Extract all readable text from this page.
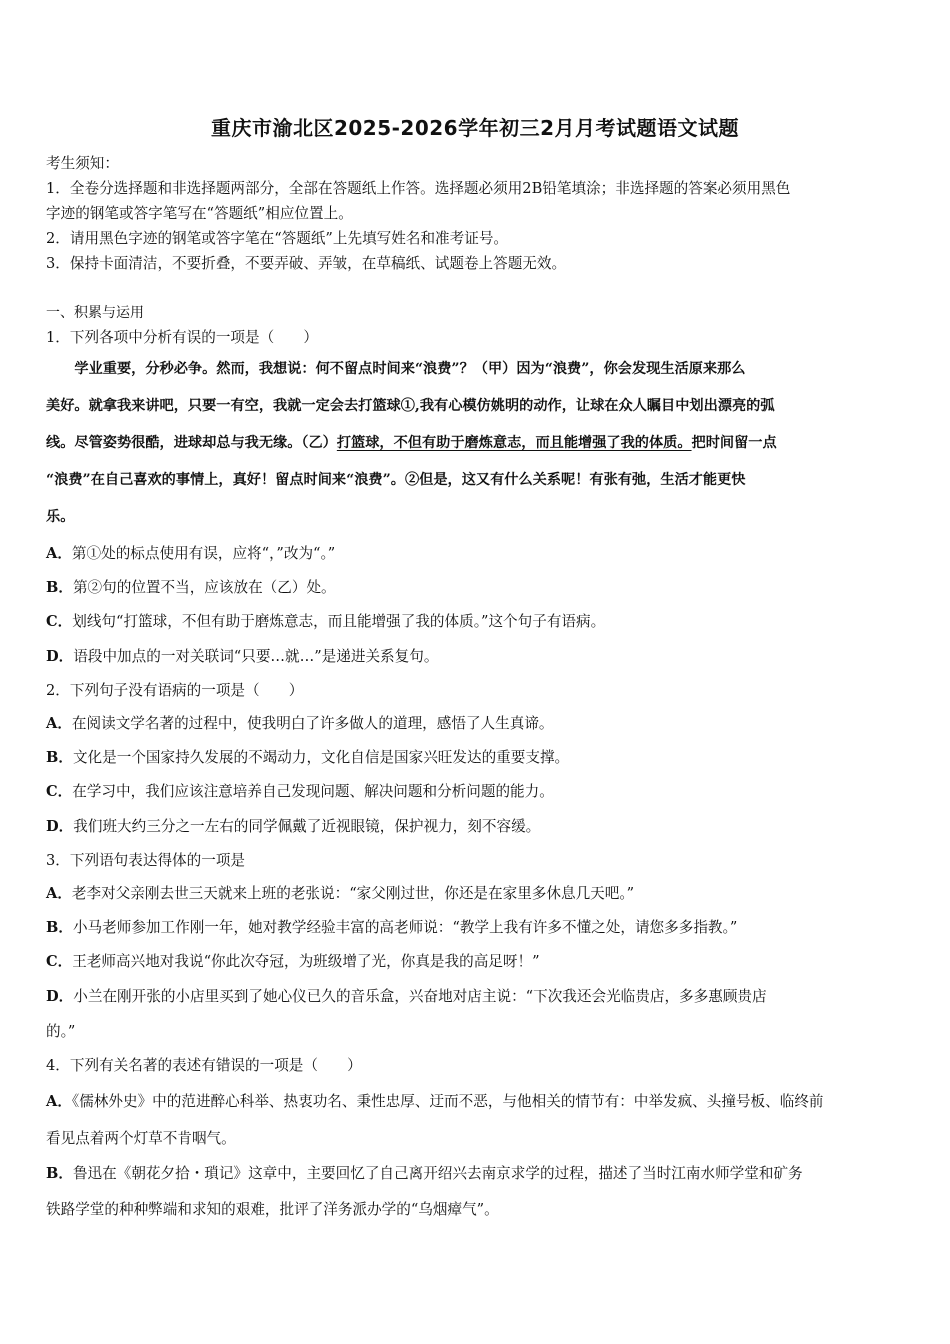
重庆市渝北区2025-2026学年初三2月月考试题语文试题
考生须知：
1．全卷分选择题和非选择题两部分，全部在答题纸上作答。选择题必须用2B铅笔填涂；非选择题的答案必须用黑色
字迹的钢笔或答字笔写在“答题纸”相应位置上。
2．请用黑色字迹的钢笔或答字笔在“答题纸”上先填写姓名和准考证号。
3．保持卡面清洁，不要折叠，不要弄破、弄皱，在草稿纸、试题卷上答题无效。
一、积累与运用
1．下列各项中分析有误的一项是（　　）
　　学业重要，分秒必争。然而，我想说：何不留点时间来“浪费”？（甲）因为“浪费”，你会发现生活原来那么
美好。就拿我来讲吧，只要一有空，我就一定会去打篮球①,我有心模仿姚明的动作，让球在众人瞩目中划出漂亮的弧
线。尽管姿势很酷，进球却总与我无缘。（乙）打篮球，不但有助于磨炼意志，而且能增强了我的体质。把时间留一点
“浪费”在自己喜欢的事情上，真好！留点时间来“浪费”。②但是，这又有什么关系呢！有张有弛，生活才能更快
乐。
A．第①处的标点使用有误，应将“，”改为“。”
B．第②句的位置不当，应该放在（乙）处。
C．划线句“打篮球，不但有助于磨炼意志，而且能增强了我的体质。”这个句子有语病。
D．语段中加点的一对关联词“只要…就…”是递进关系复句。
2．下列句子没有语病的一项是（　　）
A．在阅读文学名著的过程中，使我明白了许多做人的道理，感悟了人生真谛。
B．文化是一个国家持久发展的不竭动力，文化自信是国家兴旺发达的重要支撑。
C．在学习中，我们应该注意培养自己发现问题、解决问题和分析问题的能力。
D．我们班大约三分之一左右的同学佩戴了近视眼镜，保护视力，刻不容缓。
3．下列语句表达得体的一项是
A．老李对父亲刚去世三天就来上班的老张说：“家父刚过世，你还是在家里多休息几天吧。”
B．小马老师参加工作刚一年，她对教学经验丰富的高老师说：“教学上我有许多不懂之处，请您多多指教。”
C．王老师高兴地对我说“你此次夺冠，为班级增了光，你真是我的高足呀！”
D．小兰在刚开张的小店里买到了她心仪已久的音乐盒，兴奋地对店主说：“下次我还会光临贵店，多多惠顾贵店
的。”
4．下列有关名著的表述有错误的一项是（　　）
A．《儒林外史》中的范进醉心科举、热衷功名、秉性忠厚、迂而不恶，与他相关的情节有：中举发疯、头撞号板、临终前
看见点着两个灯草不肯咽气。
B．鲁迅在《朝花夕拾・瑣记》这章中，主要回忆了自己离开绍兴去南京求学的过程，描述了当时江南水师学堂和矿务
铁路学堂的种种弊端和求知的艰难，批评了洋务派办学的“乌烟瘴气”。
